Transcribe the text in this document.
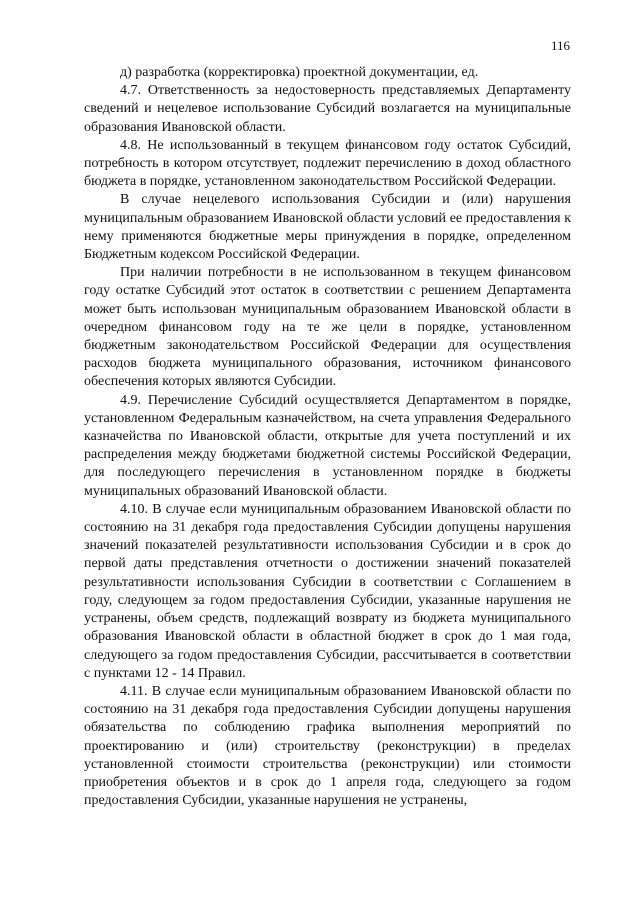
116

д) разработка (корректировка) проектной документации, ед.

4.7. Ответственность за недостоверность представляемых Департаменту сведений и нецелевое использование Субсидий возлагается на муниципальные образования Ивановской области.

4.8. Не использованный в текущем финансовом году остаток Субсидий, потребность в котором отсутствует, подлежит перечислению в доход областного бюджета в порядке, установленном законодательством Российской Федерации.

В случае нецелевого использования Субсидии и (или) нарушения муниципальным образованием Ивановской области условий ее предоставления к нему применяются бюджетные меры принуждения в порядке, определенном Бюджетным кодексом Российской Федерации.

При наличии потребности в не использованном в текущем финансовом году остатке Субсидий этот остаток в соответствии с решением Департамента может быть использован муниципальным образованием Ивановской области в очередном финансовом году на те же цели в порядке, установленном бюджетным законодательством Российской Федерации для осуществления расходов бюджета муниципального образования, источником финансового обеспечения которых являются Субсидии.

4.9. Перечисление Субсидий осуществляется Департаментом в порядке, установленном Федеральным казначейством, на счета управления Федерального казначейства по Ивановской области, открытые для учета поступлений и их распределения между бюджетами бюджетной системы Российской Федерации, для последующего перечисления в установленном порядке в бюджеты муниципальных образований Ивановской области.

4.10. В случае если муниципальным образованием Ивановской области по состоянию на 31 декабря года предоставления Субсидии допущены нарушения значений показателей результативности использования Субсидии и в срок до первой даты представления отчетности о достижении значений показателей результативности использования Субсидии в соответствии с Соглашением в году, следующем за годом предоставления Субсидии, указанные нарушения не устранены, объем средств, подлежащий возврату из бюджета муниципального образования Ивановской области в областной бюджет в срок до 1 мая года, следующего за годом предоставления Субсидии, рассчитывается в соответствии с пунктами 12 - 14 Правил.

4.11. В случае если муниципальным образованием Ивановской области по состоянию на 31 декабря года предоставления Субсидии допущены нарушения обязательства по соблюдению графика выполнения мероприятий по проектированию и (или) строительству (реконструкции) в пределах установленной стоимости строительства (реконструкции) или стоимости приобретения объектов и в срок до 1 апреля года, следующего за годом предоставления Субсидии, указанные нарушения не устранены,
